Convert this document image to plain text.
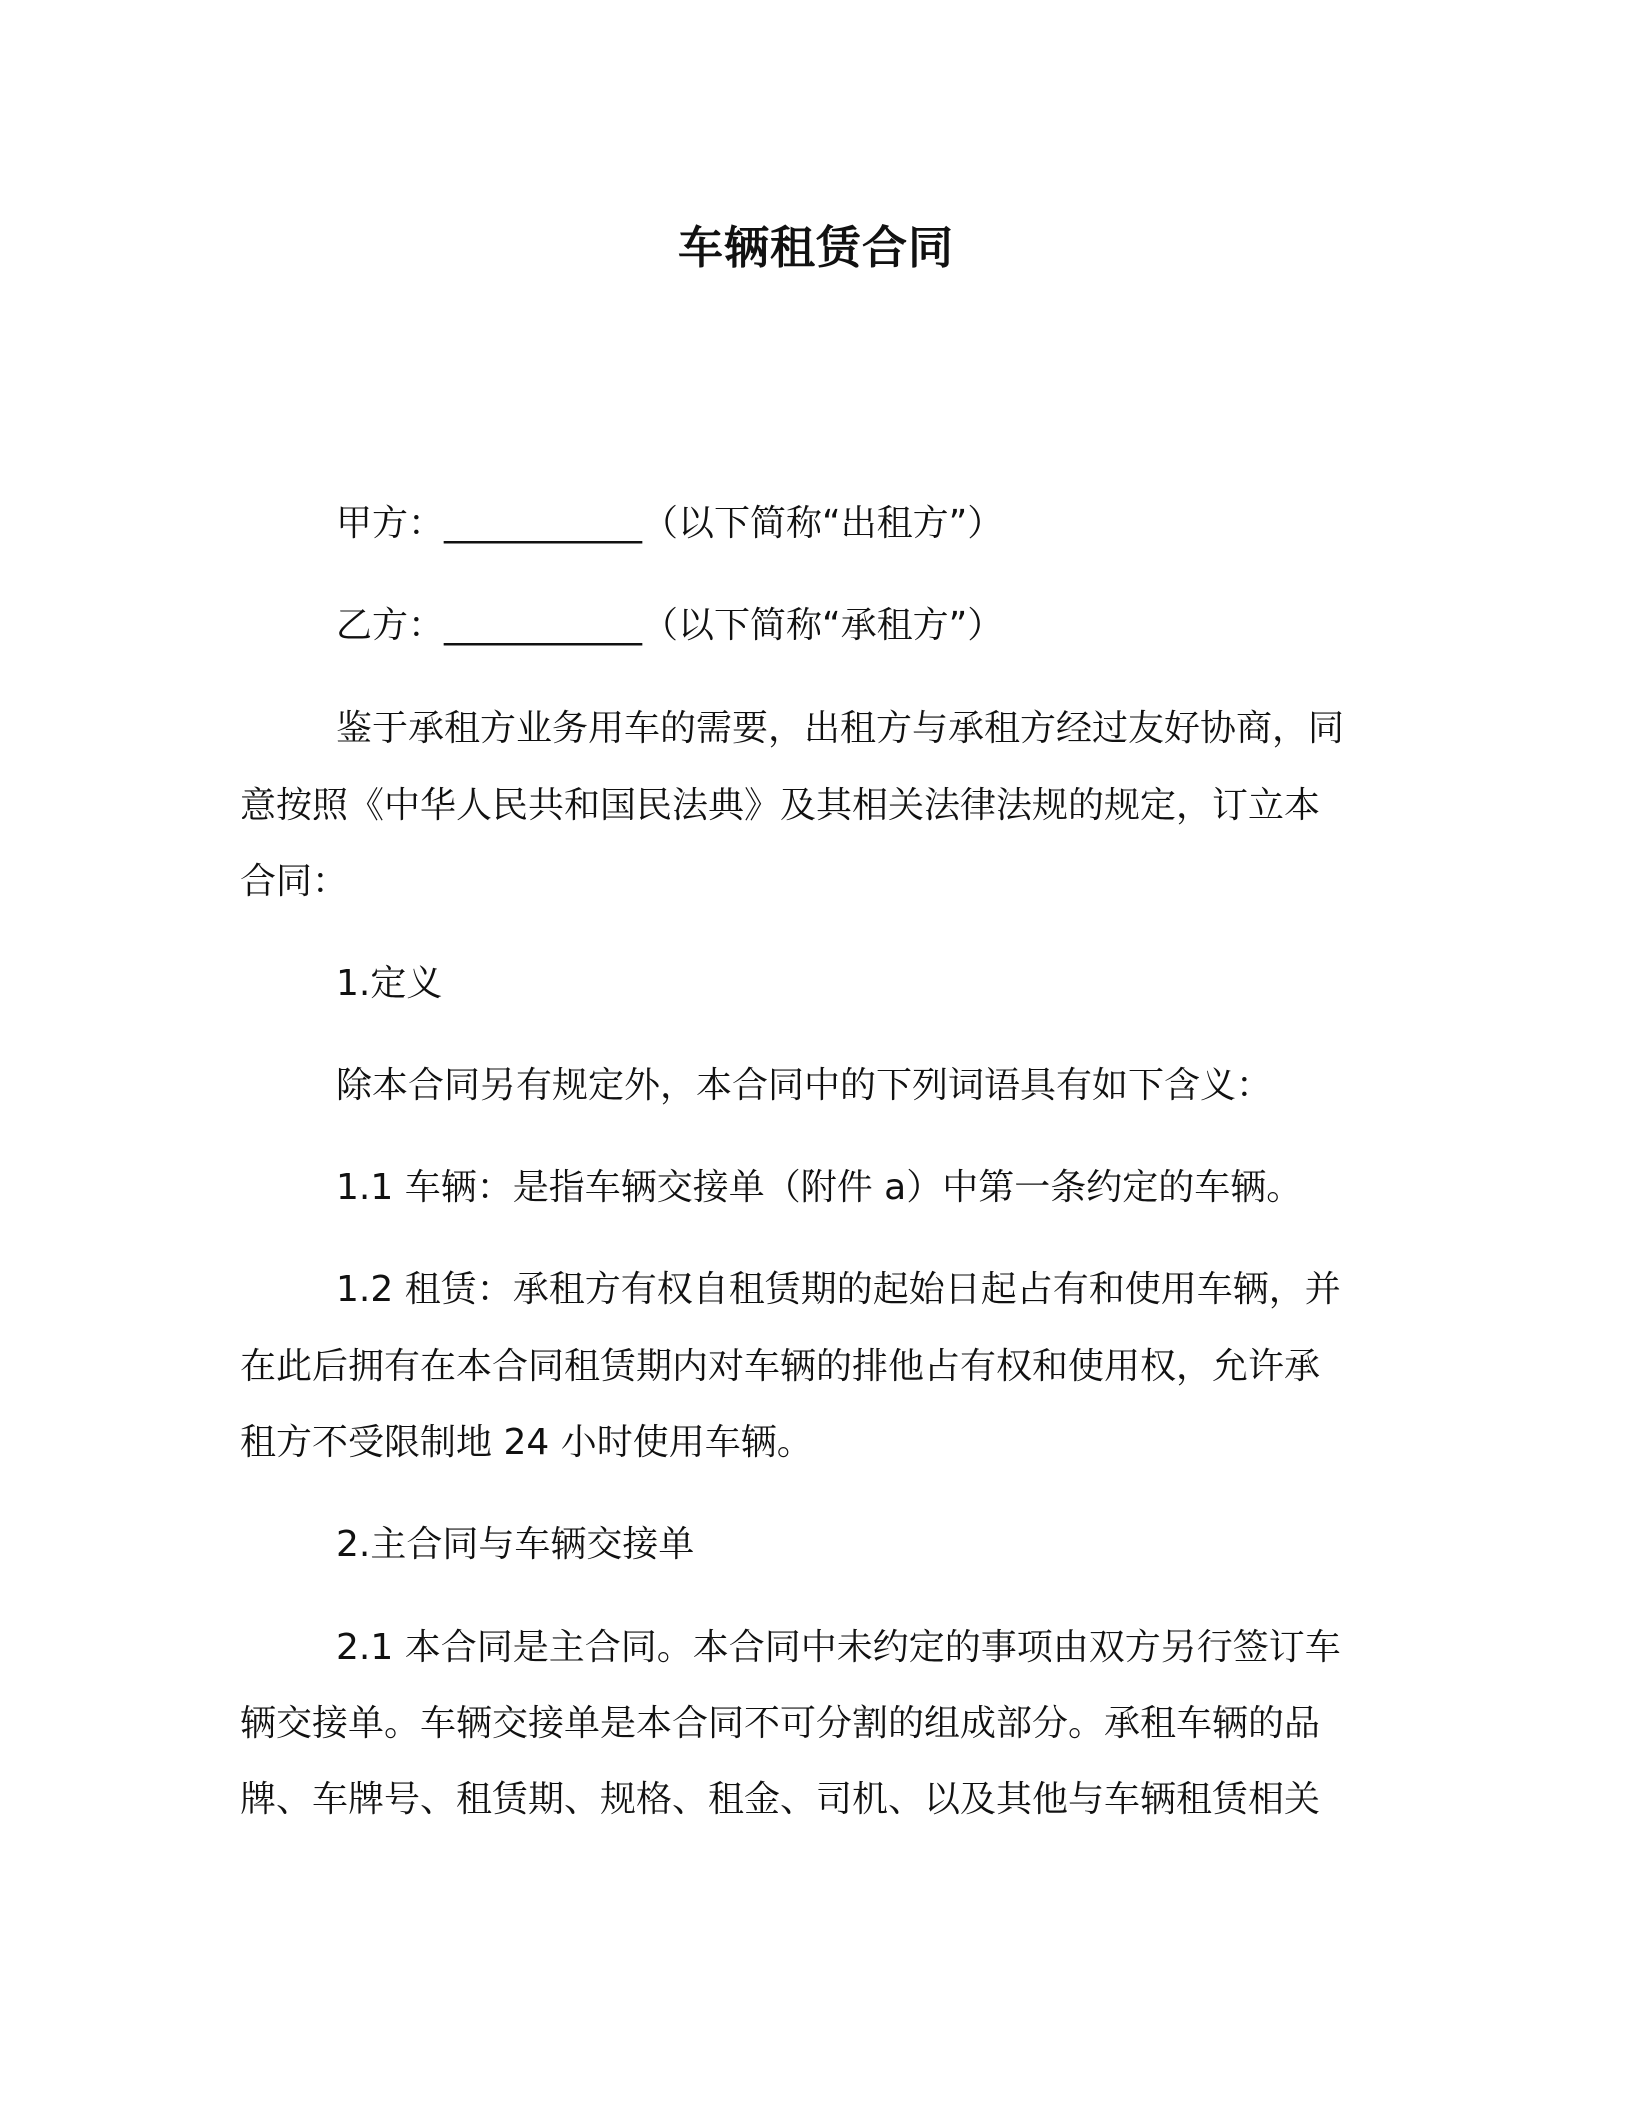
车辆租赁合同
甲方：___________（以下简称“出租方”）
乙方：___________（以下简称“承租方”）
鉴于承租方业务用车的需要，出租方与承租方经过友好协商，同
意按照《中华人民共和国民法典》及其相关法律法规的规定，订立本
合同：
1.定义
除本合同另有规定外，本合同中的下列词语具有如下含义：
1.1 车辆：是指车辆交接单（附件 a）中第一条约定的车辆。
1.2 租赁：承租方有权自租赁期的起始日起占有和使用车辆，并
在此后拥有在本合同租赁期内对车辆的排他占有权和使用权，允许承
租方不受限制地 24 小时使用车辆。
2.主合同与车辆交接单
2.1 本合同是主合同。本合同中未约定的事项由双方另行签订车
辆交接单。车辆交接单是本合同不可分割的组成部分。承租车辆的品
牌、车牌号、租赁期、规格、租金、司机、以及其他与车辆租赁相关
